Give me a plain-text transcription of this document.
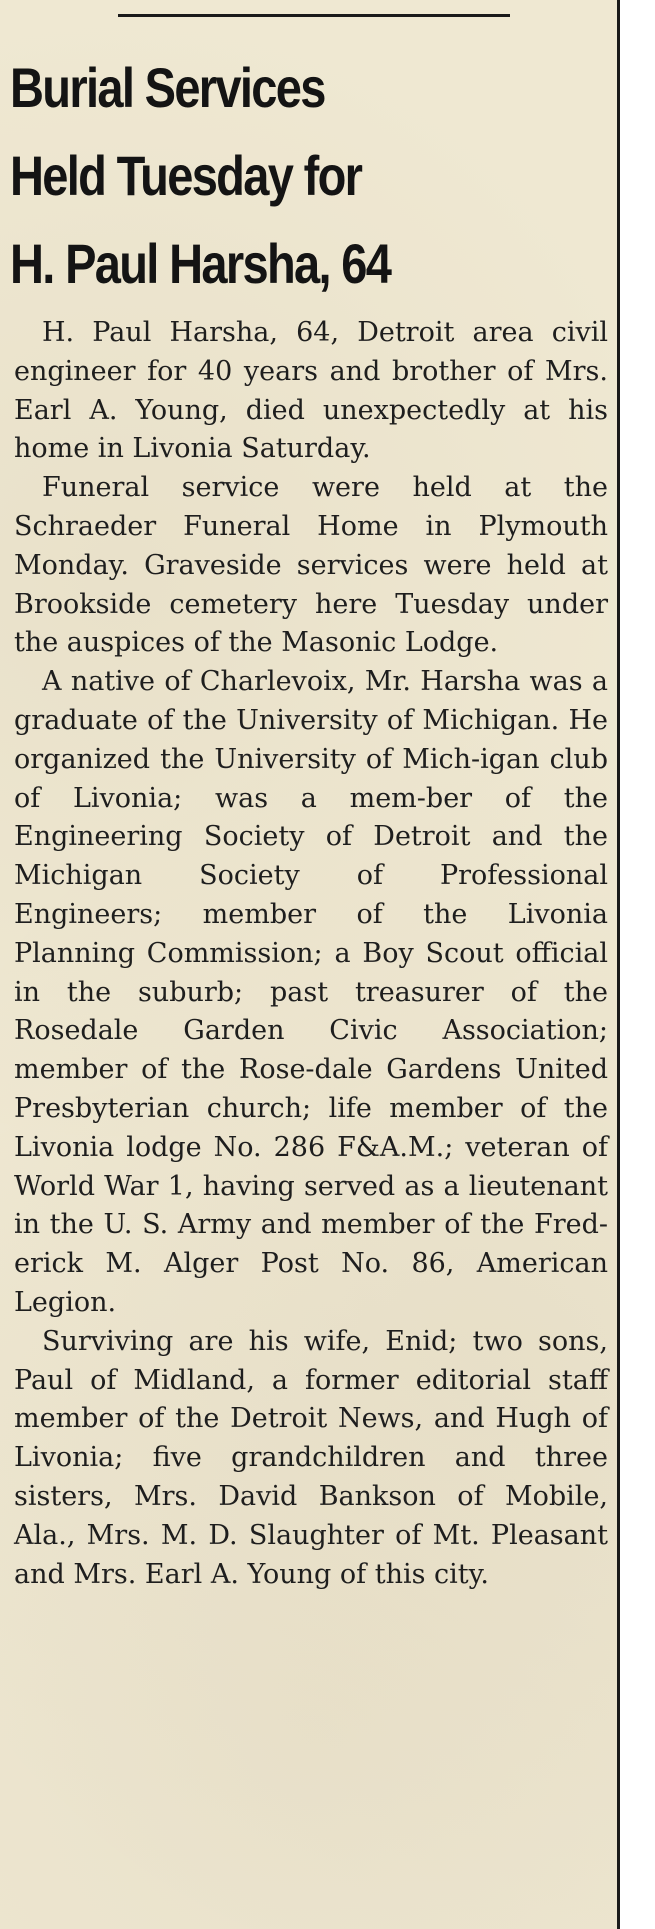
Burial Services
Held Tuesday for
H. Paul Harsha, 64

H. Paul Harsha, 64, Detroit area civil engineer for 40 years and brother of Mrs. Earl A. Young, died unexpectedly at his home in Livonia Saturday.

Funeral service were held at the Schraeder Funeral Home in Plymouth Monday. Graveside services were held at Brookside cemetery here Tuesday under the auspices of the Masonic Lodge.

A native of Charlevoix, Mr. Harsha was a graduate of the University of Michigan. He organized the University of Mich-igan club of Livonia; was a mem-ber of the Engineering Society of Detroit and the Michigan Society of Professional Engineers; member of the Livonia Planning Commission; a Boy Scout official in the suburb; past treasurer of the Rosedale Garden Civic Association; member of the Rose-dale Gardens United Presbyterian church; life member of the Livonia lodge No. 286 F&A.M.; veteran of World War 1, having served as a lieutenant in the U. S. Army and member of the Fred-erick M. Alger Post No. 86, American Legion.

Surviving are his wife, Enid; two sons, Paul of Midland, a former editorial staff member of the Detroit News, and Hugh of Livonia; five grandchildren and three sisters, Mrs. David Bankson of Mobile, Ala., Mrs. M. D. Slaughter of Mt. Pleasant and Mrs. Earl A. Young of this city.
